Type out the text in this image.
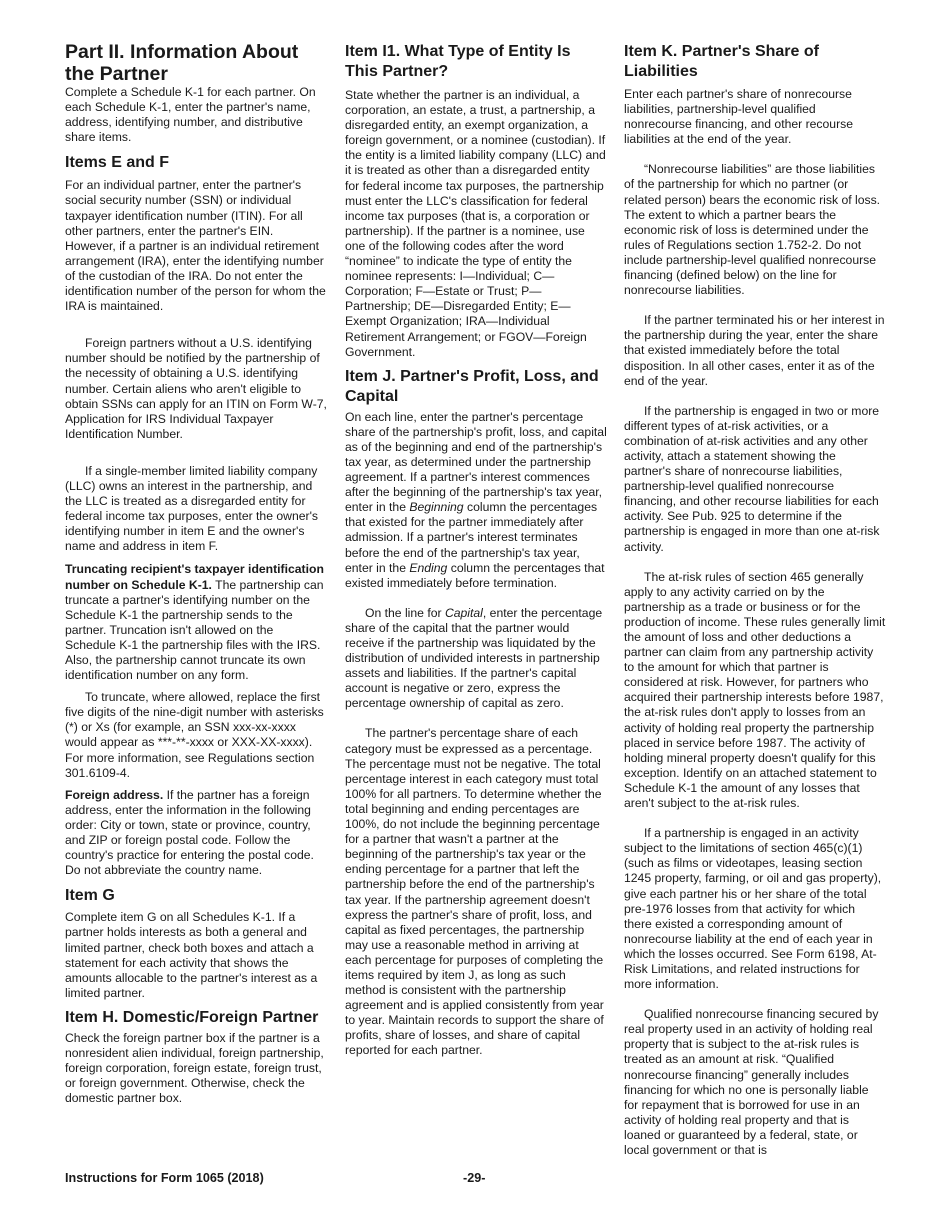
Part II. Information About the Partner

Complete a Schedule K-1 for each partner. On each Schedule K-1, enter the partner's name, address, identifying number, and distributive share items.

Items E and F

For an individual partner, enter the partner's social security number (SSN) or individual taxpayer identification number (ITIN). For all other partners, enter the partner's EIN. However, if a partner is an individual retirement arrangement (IRA), enter the identifying number of the custodian of the IRA. Do not enter the identification number of the person for whom the IRA is maintained.

Foreign partners without a U.S. identifying number should be notified by the partnership of the necessity of obtaining a U.S. identifying number. Certain aliens who aren't eligible to obtain SSNs can apply for an ITIN on Form W-7, Application for IRS Individual Taxpayer Identification Number.

If a single-member limited liability company (LLC) owns an interest in the partnership, and the LLC is treated as a disregarded entity for federal income tax purposes, enter the owner's identifying number in item E and the owner's name and address in item F.

Truncating recipient's taxpayer identification number on Schedule K-1. The partnership can truncate a partner's identifying number on the Schedule K-1 the partnership sends to the partner. Truncation isn't allowed on the Schedule K-1 the partnership files with the IRS. Also, the partnership cannot truncate its own identification number on any form.

To truncate, where allowed, replace the first five digits of the nine-digit number with asterisks (*) or Xs (for example, an SSN xxx-xx-xxxx would appear as ***-**-xxxx or XXX-XX-xxxx). For more information, see Regulations section 301.6109-4.

Foreign address. If the partner has a foreign address, enter the information in the following order: City or town, state or province, country, and ZIP or foreign postal code. Follow the country's practice for entering the postal code. Do not abbreviate the country name.

Item G

Complete item G on all Schedules K-1. If a partner holds interests as both a general and limited partner, check both boxes and attach a statement for each activity that shows the amounts allocable to the partner's interest as a limited partner.

Item H. Domestic/Foreign Partner

Check the foreign partner box if the partner is a nonresident alien individual, foreign partnership, foreign corporation, foreign estate, foreign trust, or foreign government. Otherwise, check the domestic partner box.

Item I1. What Type of Entity Is This Partner?

State whether the partner is an individual, a corporation, an estate, a trust, a partnership, a disregarded entity, an exempt organization, a foreign government, or a nominee (custodian). If the entity is a limited liability company (LLC) and it is treated as other than a disregarded entity for federal income tax purposes, the partnership must enter the LLC's classification for federal income tax purposes (that is, a corporation or partnership). If the partner is a nominee, use one of the following codes after the word “nominee” to indicate the type of entity the nominee represents: I—Individual; C—Corporation; F—Estate or Trust; P—Partnership; DE—Disregarded Entity; E—Exempt Organization; IRA—Individual Retirement Arrangement; or FGOV—Foreign Government.

Item J. Partner's Profit, Loss, and Capital

On each line, enter the partner's percentage share of the partnership's profit, loss, and capital as of the beginning and end of the partnership's tax year, as determined under the partnership agreement. If a partner's interest commences after the beginning of the partnership's tax year, enter in the Beginning column the percentages that existed for the partner immediately after admission. If a partner's interest terminates before the end of the partnership's tax year, enter in the Ending column the percentages that existed immediately before termination.

On the line for Capital, enter the percentage share of the capital that the partner would receive if the partnership was liquidated by the distribution of undivided interests in partnership assets and liabilities. If the partner's capital account is negative or zero, express the percentage ownership of capital as zero.

The partner's percentage share of each category must be expressed as a percentage. The percentage must not be negative. The total percentage interest in each category must total 100% for all partners. To determine whether the total beginning and ending percentages are 100%, do not include the beginning percentage for a partner that wasn't a partner at the beginning of the partnership's tax year or the ending percentage for a partner that left the partnership before the end of the partnership's tax year. If the partnership agreement doesn't express the partner's share of profit, loss, and capital as fixed percentages, the partnership may use a reasonable method in arriving at each percentage for purposes of completing the items required by item J, as long as such method is consistent with the partnership agreement and is applied consistently from year to year. Maintain records to support the share of profits, share of losses, and share of capital reported for each partner.

Item K. Partner's Share of Liabilities

Enter each partner's share of nonrecourse liabilities, partnership-level qualified nonrecourse financing, and other recourse liabilities at the end of the year.

“Nonrecourse liabilities” are those liabilities of the partnership for which no partner (or related person) bears the economic risk of loss. The extent to which a partner bears the economic risk of loss is determined under the rules of Regulations section 1.752-2. Do not include partnership-level qualified nonrecourse financing (defined below) on the line for nonrecourse liabilities.

If the partner terminated his or her interest in the partnership during the year, enter the share that existed immediately before the total disposition. In all other cases, enter it as of the end of the year.

If the partnership is engaged in two or more different types of at-risk activities, or a combination of at-risk activities and any other activity, attach a statement showing the partner's share of nonrecourse liabilities, partnership-level qualified nonrecourse financing, and other recourse liabilities for each activity. See Pub. 925 to determine if the partnership is engaged in more than one at-risk activity.

The at-risk rules of section 465 generally apply to any activity carried on by the partnership as a trade or business or for the production of income. These rules generally limit the amount of loss and other deductions a partner can claim from any partnership activity to the amount for which that partner is considered at risk. However, for partners who acquired their partnership interests before 1987, the at-risk rules don't apply to losses from an activity of holding real property the partnership placed in service before 1987. The activity of holding mineral property doesn't qualify for this exception. Identify on an attached statement to Schedule K-1 the amount of any losses that aren't subject to the at-risk rules.

If a partnership is engaged in an activity subject to the limitations of section 465(c)(1) (such as films or videotapes, leasing section 1245 property, farming, or oil and gas property), give each partner his or her share of the total pre-1976 losses from that activity for which there existed a corresponding amount of nonrecourse liability at the end of each year in which the losses occurred. See Form 6198, At-Risk Limitations, and related instructions for more information.

Qualified nonrecourse financing secured by real property used in an activity of holding real property that is subject to the at-risk rules is treated as an amount at risk. “Qualified nonrecourse financing” generally includes financing for which no one is personally liable for repayment that is borrowed for use in an activity of holding real property and that is loaned or guaranteed by a federal, state, or local government or that is

Instructions for Form 1065 (2018)	-29-
